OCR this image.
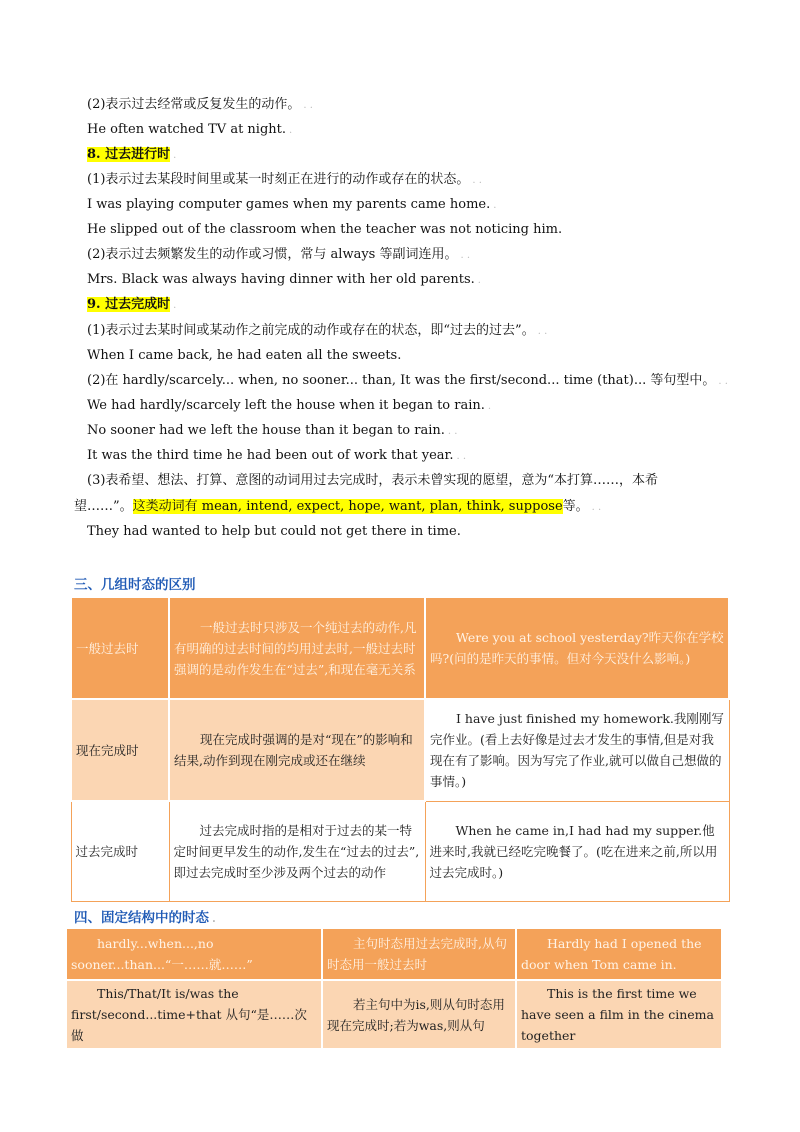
(2)表示过去经常或反复发生的动作。 . .
He often watched TV at night. .
8. 过去进行时 .
(1)表示过去某段时间里或某一时刻正在进行的动作或存在的状态。 . .
I was playing computer games when my parents came home. .
He slipped out of the classroom when the teacher was not noticing him.
(2)表示过去频繁发生的动作或习惯，常与 always 等副词连用。 . .
Mrs. Black was always having dinner with her old parents. .
9. 过去完成时 .
(1)表示过去某时间或某动作之前完成的动作或存在的状态，即“过去的过去”。 . .
When I came back, he had eaten all the sweets.
(2)在 hardly/scarcely... when, no sooner... than, It was the first/second... time (that)... 等句型中。 . .
We had hardly/scarcely left the house when it began to rain. .
No sooner had we left the house than it began to rain. . .
It was the third time he had been out of work that year. . .
(3)表希望、想法、打算、意图的动词用过去完成时，表示未曾实现的愿望，意为“本打算……，本希
望……”。这类动词有 mean, intend, expect, hope, want, plan, think, suppose等。 . .
They had wanted to help but could not get there in time.
三、几组时态的区别
一般过去时	一般过去时只涉及一个纯过去的动作,凡有明确的过去时间的均用过去时,一般过去时强调的是动作发生在“过去”,和现在毫无关系	Were you at school yesterday?昨天你在学校吗?(问的是昨天的事情。但对今天没什么影响。)
现在完成时	现在完成时强调的是对“现在”的影响和结果,动作到现在刚完成或还在继续	I have just finished my homework.我刚刚写完作业。(看上去好像是过去才发生的事情,但是对我现在有了影响。因为写完了作业,就可以做自己想做的事情。)
过去完成时	过去完成时指的是相对于过去的某一特定时间更早发生的动作,发生在“过去的过去”,即过去完成时至少涉及两个过去的动作	When he came in,I had had my supper.他进来时,我就已经吃完晚餐了。(吃在进来之前,所以用过去完成时。)
四、固定结构中的时态 .
hardly...when...,no sooner...than...“一……就……”	主句时态用过去完成时,从句时态用一般过去时	Hardly had I opened the door when Tom came in.
This/That/It is/was the first/second...time+that 从句“是……次做	若主句中为is,则从句时态用现在完成时;若为was,则从句	This is the first time we have seen a film in the cinema together
